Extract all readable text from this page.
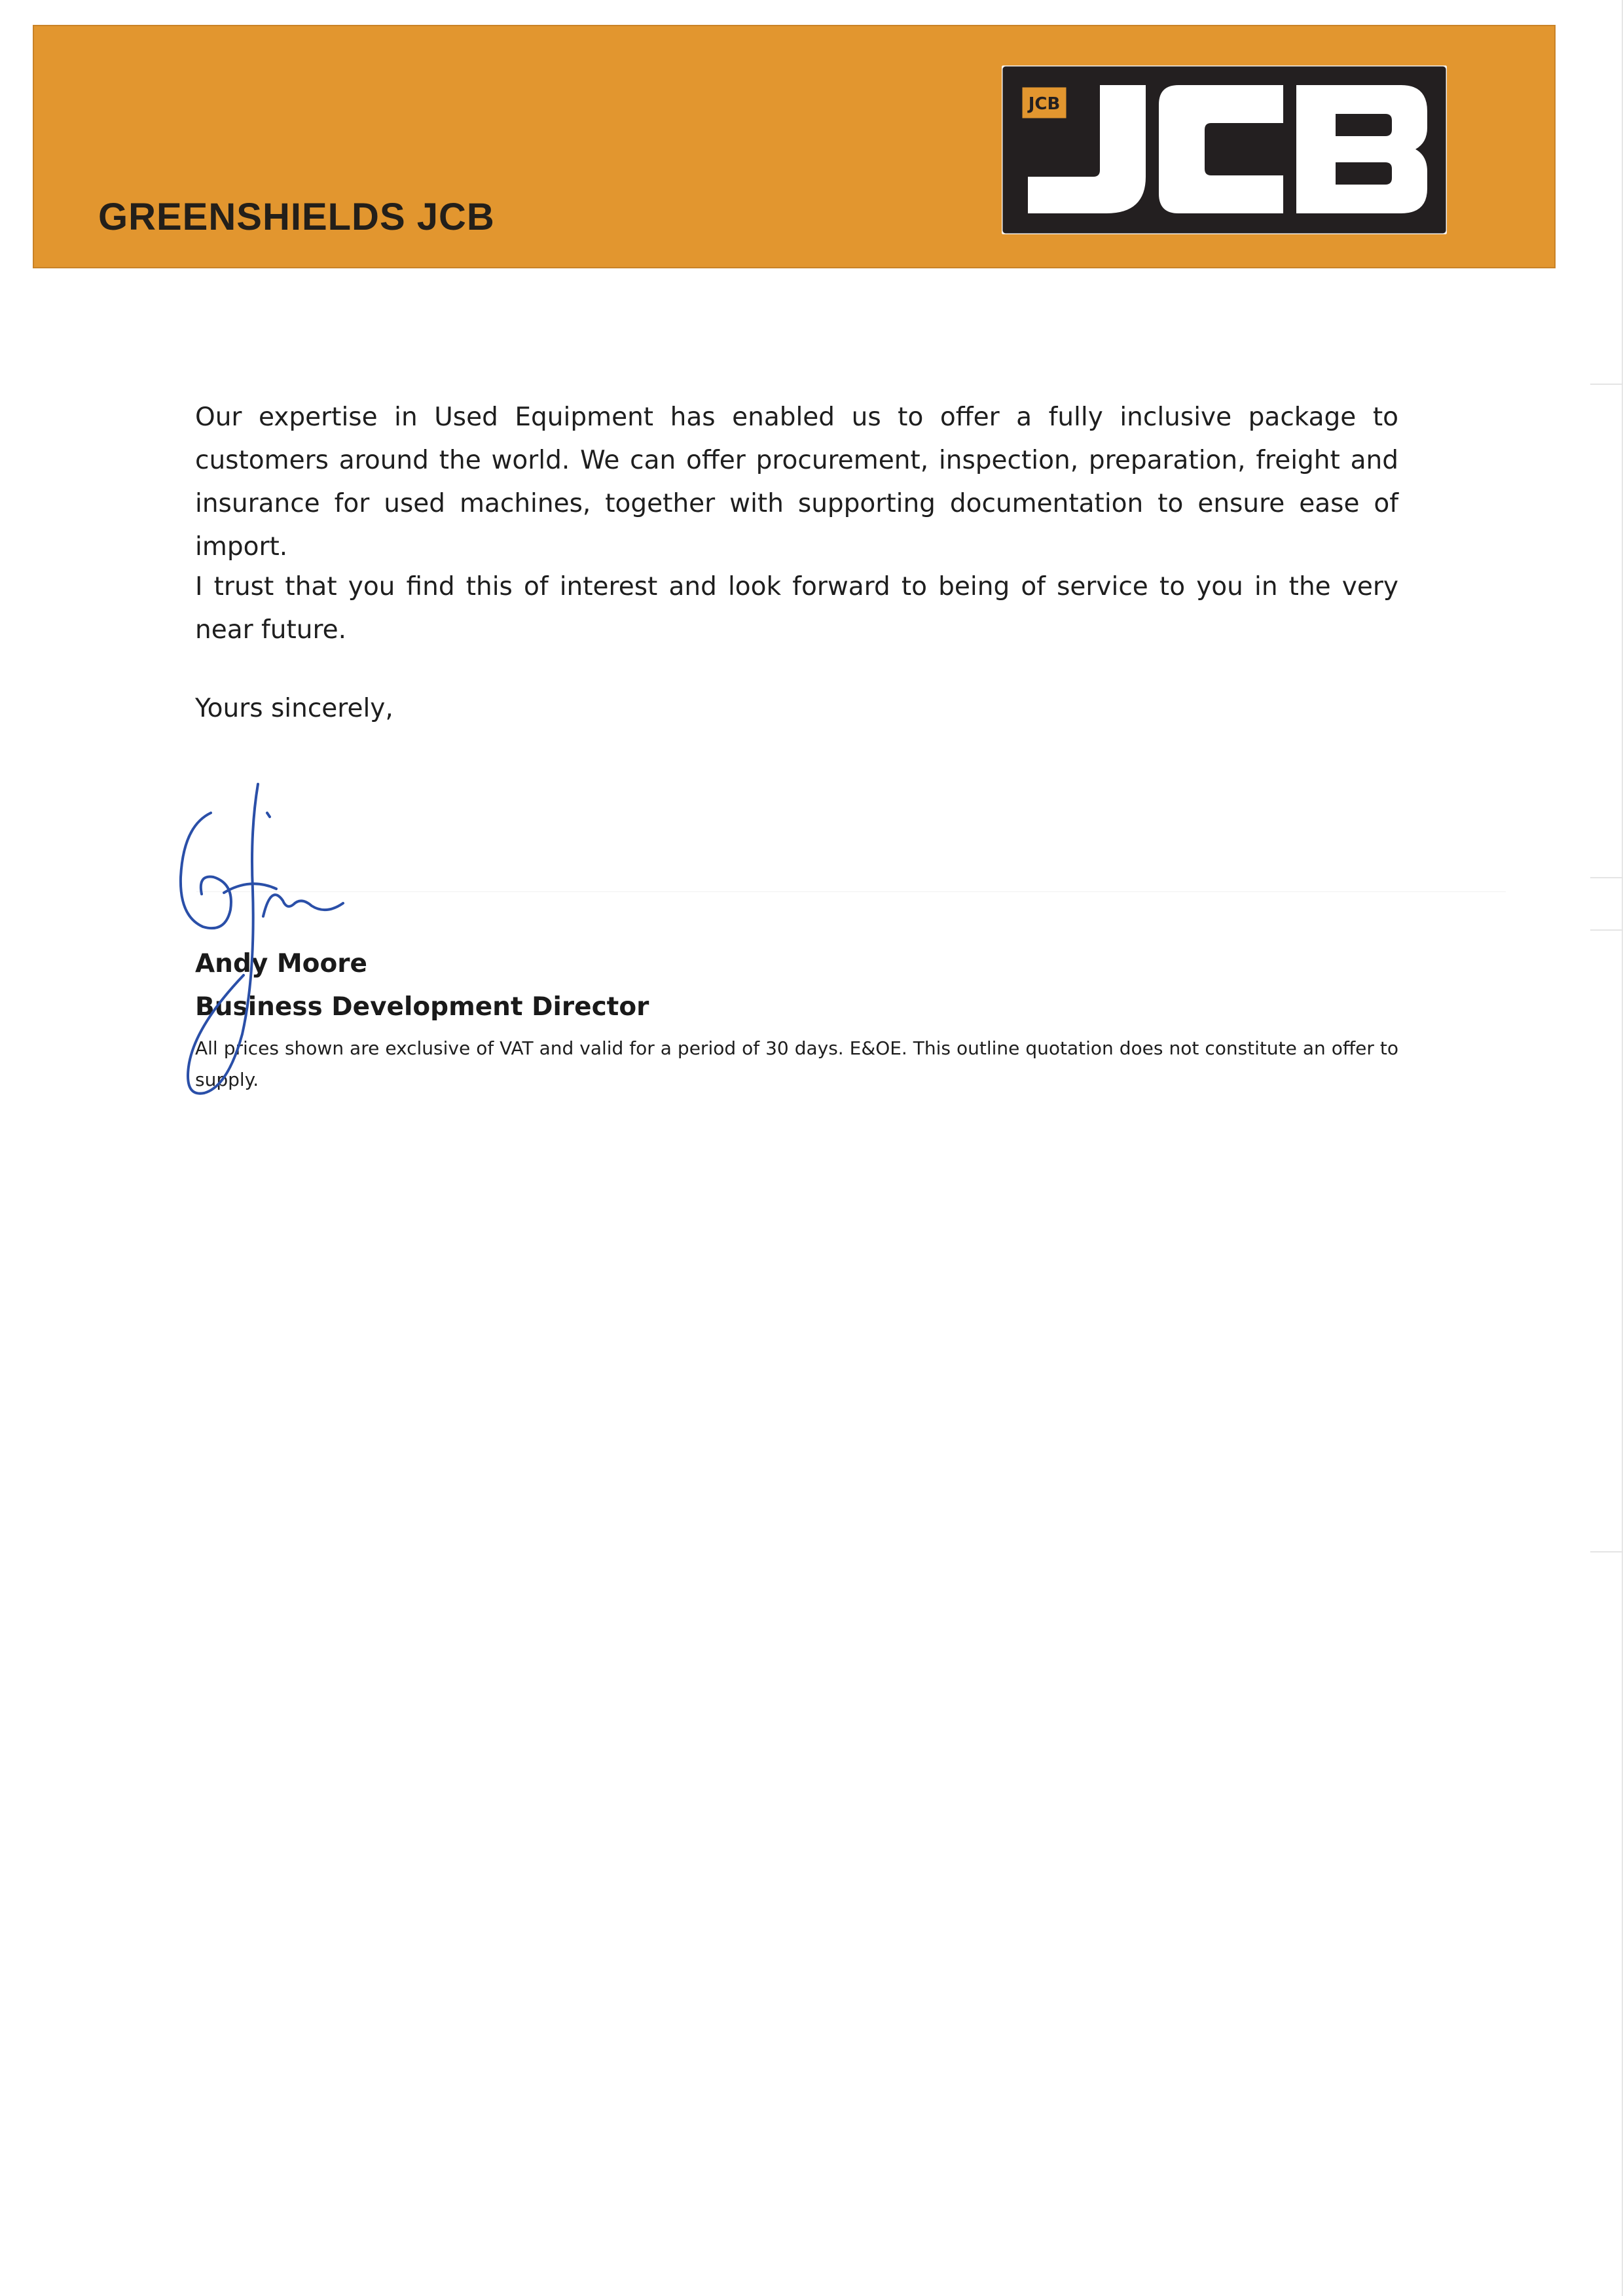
GREENSHIELDS JCB
JCB
Our expertise in Used Equipment has enabled us to offer a fully inclusive package to customers around the world. We can offer procurement, inspection, preparation, freight and insurance for used machines, together with supporting documentation to ensure ease of import.
I trust that you find this of interest and look forward to being of service to you in the very near future.
Yours sincerely,
Andy Moore
Business Development Director
All prices shown are exclusive of VAT and valid for a period of 30 days. E&OE. This outline quotation does not constitute an offer to supply.
